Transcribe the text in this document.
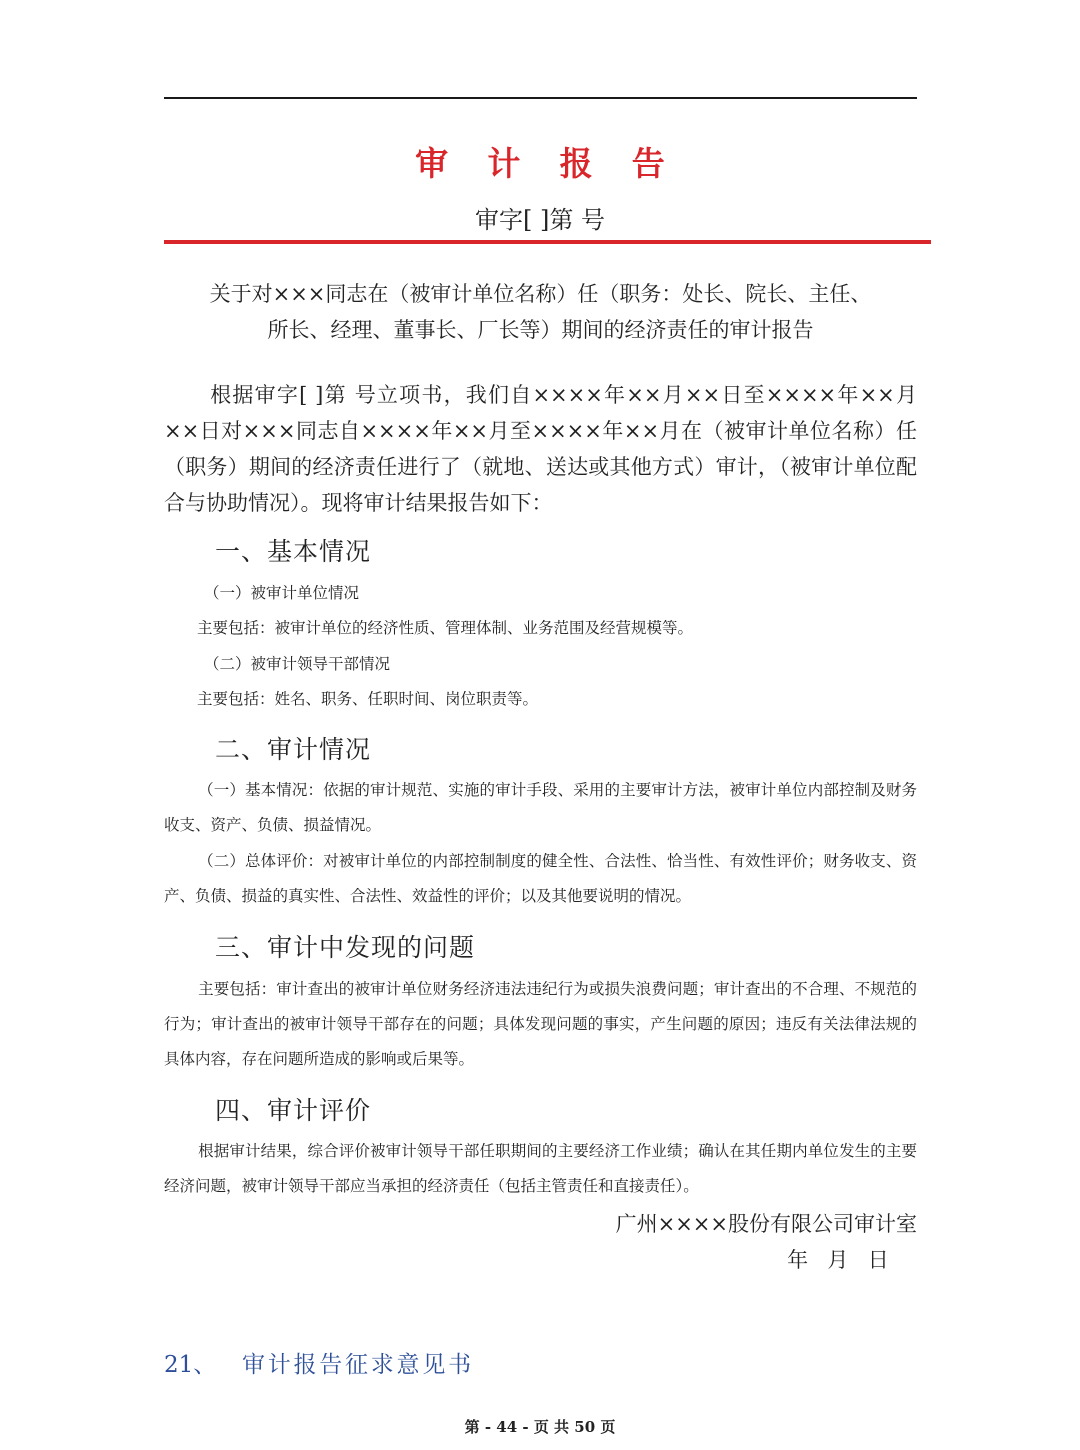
审 计 报 告
审字[ ]第 号
关于对×××同志在（被审计单位名称）任（职务：处长、院长、主任、
所长、经理、董事长、厂长等）期间的经济责任的审计报告
根据审字[ ]第 号立项书，我们自××××年××月××日至××××年××月××日对×××同志自××××年××月至××××年××月在（被审计单位名称）任（职务）期间的经济责任进行了（就地、送达或其他方式）审计，（被审计单位配合与协助情况）。现将审计结果报告如下：
一、基本情况
（一）被审计单位情况
主要包括：被审计单位的经济性质、管理体制、业务范围及经营规模等。
（二）被审计领导干部情况
主要包括：姓名、职务、任职时间、岗位职责等。
二、审计情况
（一）基本情况：依据的审计规范、实施的审计手段、采用的主要审计方法，被审计单位内部控制及财务收支、资产、负债、损益情况。
（二）总体评价：对被审计单位的内部控制制度的健全性、合法性、恰当性、有效性评价；财务收支、资产、负债、损益的真实性、合法性、效益性的评价；以及其他要说明的情况。
三、审计中发现的问题
主要包括：审计查出的被审计单位财务经济违法违纪行为或损失浪费问题；审计查出的不合理、不规范的行为；审计查出的被审计领导干部存在的问题；具体发现问题的事实，产生问题的原因；违反有关法律法规的具体内容，存在问题所造成的影响或后果等。
四、审计评价
根据审计结果，综合评价被审计领导干部任职期间的主要经济工作业绩；确认在其任期内单位发生的主要经济问题，被审计领导干部应当承担的经济责任（包括主管责任和直接责任）。
广州××××股份有限公司审计室
年 月 日
21、 审计报告征求意见书
第 - 44 - 页 共 50 页
